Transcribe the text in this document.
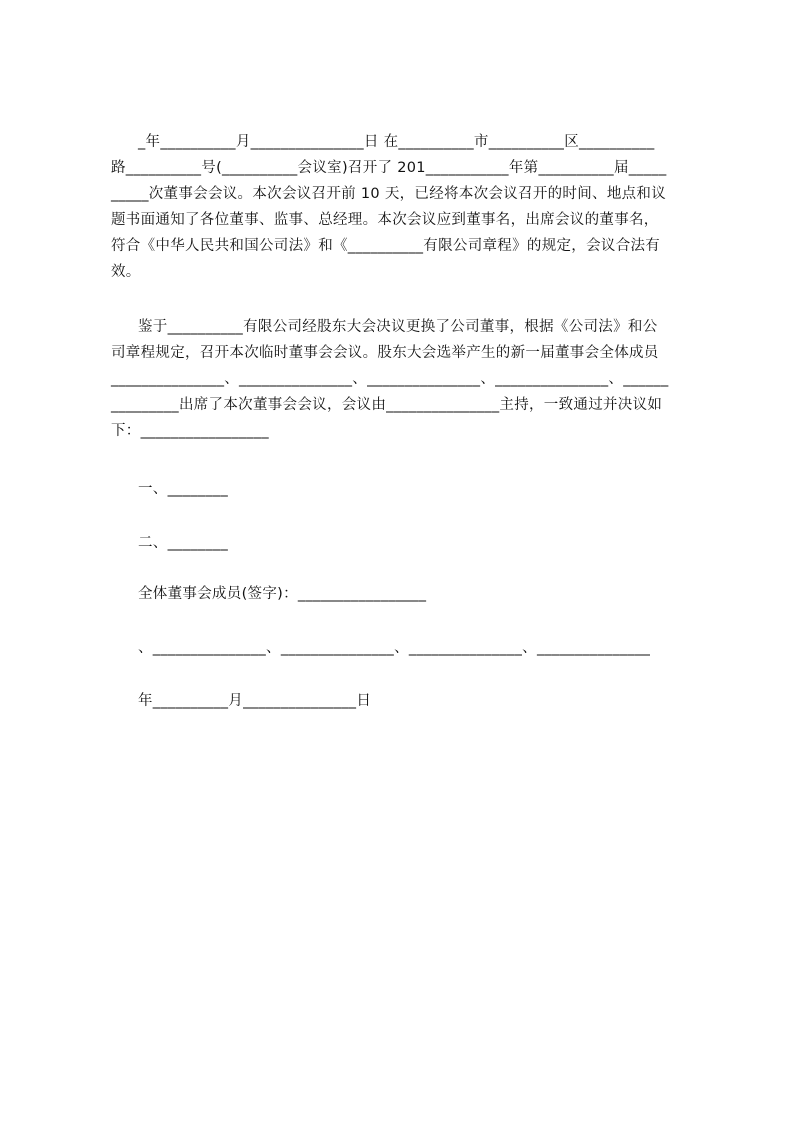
_年__________月_______________日 在__________市__________区__________
路__________号(__________会议室)召开了 201___________年第__________届_____
_____次董事会会议。本次会议召开前 10 天，已经将本次会议召开的时间、地点和议
题书面通知了各位董事、监事、总经理。本次会议应到董事名，出席会议的董事名，
符合《中华人民共和国公司法》和《__________有限公司章程》的规定，会议合法有
效。
鉴于__________有限公司经股东大会决议更换了公司董事，根据《公司法》和公
司章程规定，召开本次临时董事会会议。股东大会选举产生的新一届董事会全体成员
_______________、_______________、_______________、_______________、______
_________出席了本次董事会会议，会议由_______________主持，一致通过并决议如
下：_________________
一、________
二、________
全体董事会成员(签字)：_________________
、_______________、_______________、_______________、_______________
年__________月_______________日
